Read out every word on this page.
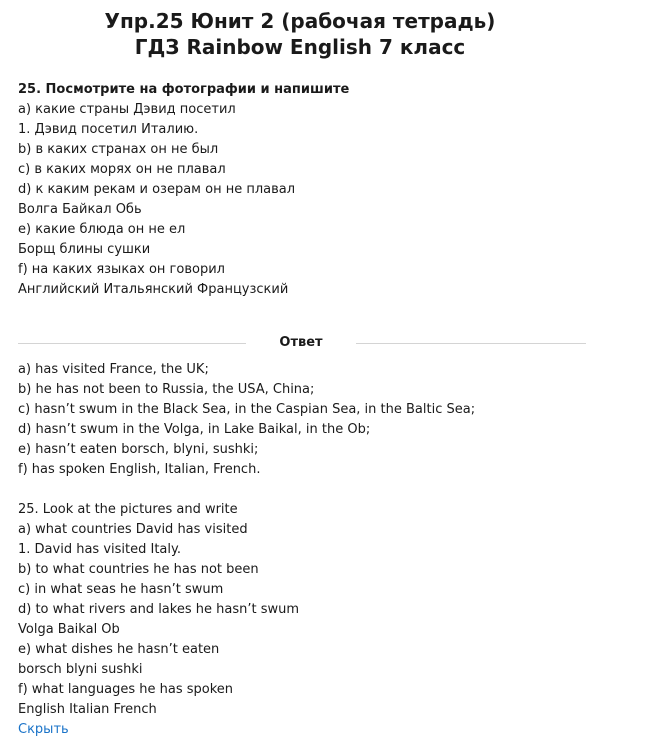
Упр.25 Юнит 2 (рабочая тетрадь)
ГДЗ Rainbow English 7 класс
25. Посмотрите на фотографии и напишите
a) какие страны Дэвид посетил
1. Дэвид посетил Италию.
b) в каких странах он не был
c) в каких морях он не плавал
d) к каким рекам и озерам он не плавал
Волга Байкал Обь
e) какие блюда он не ел
Борщ блины сушки
f) на каких языках он говорил
Английский Итальянский Французский
Ответ
a) has visited France, the UK;
b) he has not been to Russia, the USA, China;
c) hasn’t swum in the Black Sea, in the Caspian Sea, in the Baltic Sea;
d) hasn’t swum in the Volga, in Lake Baikal, in the Ob;
e) hasn’t eaten borsch, blyni, sushki;
f) has spoken English, Italian, French.
25. Look at the pictures and write
a) what countries David has visited
1. David has visited Italy.
b) to what countries he has not been
c) in what seas he hasn’t swum
d) to what rivers and lakes he hasn’t swum
Volga Baikal Ob
e) what dishes he hasn’t eaten
borsch blyni sushki
f) what languages he has spoken
English Italian French
Скрыть
